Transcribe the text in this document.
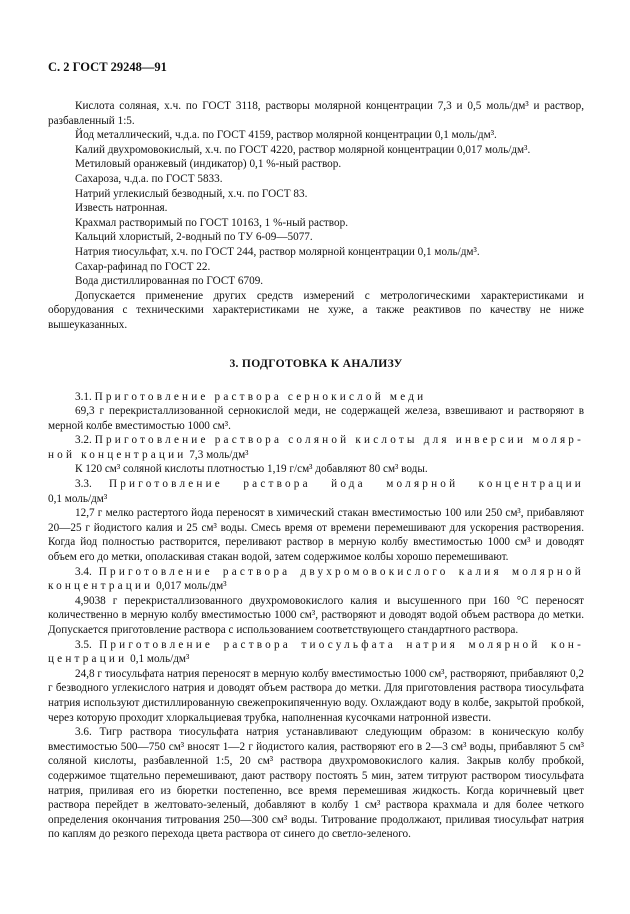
С. 2 ГОСТ 29248—91

Кислота соляная, х.ч. по ГОСТ 3118, растворы молярной концентрации 7,3 и 0,5 моль/дм³ и раствор, разбавленный 1:5.

Йод металлический, ч.д.а. по ГОСТ 4159, раствор молярной концентрации 0,1 моль/дм³.

Калий двухромовокислый, х.ч. по ГОСТ 4220, раствор молярной концентрации 0,017 моль/дм³.

Метиловый оранжевый (индикатор) 0,1 %-ный раствор.

Сахароза, ч.д.а. по ГОСТ 5833.

Натрий углекислый безводный, х.ч. по ГОСТ 83.

Известь натронная.

Крахмал растворимый по ГОСТ 10163, 1 %-ный раствор.

Кальций хлористый, 2-водный по ТУ 6-09—5077.

Натрия тиосульфат, х.ч. по ГОСТ 244, раствор молярной концентрации 0,1 моль/дм³.

Сахар-рафинад по ГОСТ 22.

Вода дистиллированная по ГОСТ 6709.

Допускается применение других средств измерений с метрологическими характеристиками и оборудования с техническими характеристиками не хуже, а также реактивов по качеству не ниже вышеуказанных.

3. ПОДГОТОВКА К АНАЛИЗУ

3.1. Приготовление раствора сернокислой меди

69,3 г перекристаллизованной сернокислой меди, не содержащей железа, взвешивают и растворяют в мерной колбе вместимостью 1000 см³.

3.2. Приготовление раствора соляной кислоты для инверсии моляр-

ной концентрации 7,3 моль/дм³

К 120 см³ соляной кислоты плотностью 1,19 г/см³ добавляют 80 см³ воды.

3.3. Приготовление раствора йода молярной концентрации

0,1 моль/дм³

12,7 г мелко растертого йода переносят в химический стакан вместимостью 100 или 250 см³, прибавляют 20—25 г йодистого калия и 25 см³ воды. Смесь время от времени перемешивают для ускорения растворения. Когда йод полностью растворится, переливают раствор в мерную колбу вместимостью 1000 см³ и доводят объем его до метки, ополаскивая стакан водой, затем содержимое колбы хорошо перемешивают.

3.4. Приготовление раствора двухромовокислого калия молярной

концентрации 0,017 моль/дм³

4,9038 г перекристаллизованного двухромовокислого калия и высушенного при 160 °С переносят количественно в мерную колбу вместимостью 1000 см³, растворяют и доводят водой объем раствора до метки. Допускается приготовление раствора с использованием соответствующего стандартного раствора.

3.5. Приготовление раствора тиосульфата натрия молярной кон-

центрации 0,1 моль/дм³

24,8 г тиосульфата натрия переносят в мерную колбу вместимостью 1000 см³, растворяют, прибавляют 0,2 г безводного углекислого натрия и доводят объем раствора до метки. Для приготовления раствора тиосульфата натрия используют дистиллированную свежепрокипяченную воду. Охлаждают воду в колбе, закрытой пробкой, через которую проходит хлоркальциевая трубка, наполненная кусочками натронной извести.

3.6. Тигр раствора тиосульфата натрия устанавливают следующим образом: в коническую колбу вместимостью 500—750 см³ вносят 1—2 г йодистого калия, растворяют его в 2—3 см³ воды, прибавляют 5 см³ соляной кислоты, разбавленной 1:5, 20 см³ раствора двухромовокислого калия. Закрыв колбу пробкой, содержимое тщательно перемешивают, дают раствору постоять 5 мин, затем титруют раствором тиосульфата натрия, приливая его из бюретки постепенно, все время перемешивая жидкость. Когда коричневый цвет раствора перейдет в желтовато-зеленый, добавляют в колбу 1 см³ раствора крахмала и для более четкого определения окончания титрования 250—300 см³ воды. Титрование продолжают, приливая тиосульфат натрия по каплям до резкого перехода цвета раствора от синего до светло-зеленого.
